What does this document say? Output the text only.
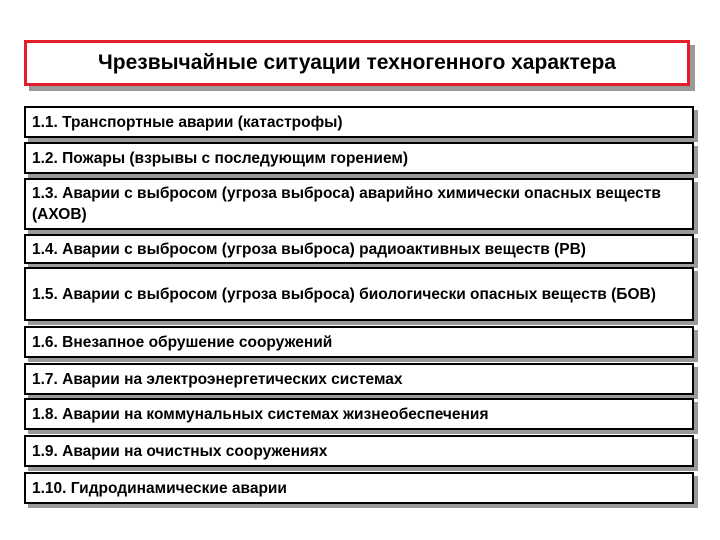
Чрезвычайные ситуации техногенного характера
1.1. Транспортные аварии (катастрофы)
1.2. Пожары (взрывы с последующим горением)
1.3. Аварии с выбросом (угроза выброса) аварийно химически опасных веществ (АХОВ)
1.4. Аварии с выбросом (угроза выброса) радиоактивных веществ (РВ)
1.5. Аварии с выбросом (угроза выброса) биологически опасных веществ (БОВ)
1.6. Внезапное обрушение сооружений
1.7. Аварии на электроэнергетических системах
1.8. Аварии на коммунальных системах жизнеобеспечения
1.9. Аварии на очистных сооружениях
1.10. Гидродинамические аварии
